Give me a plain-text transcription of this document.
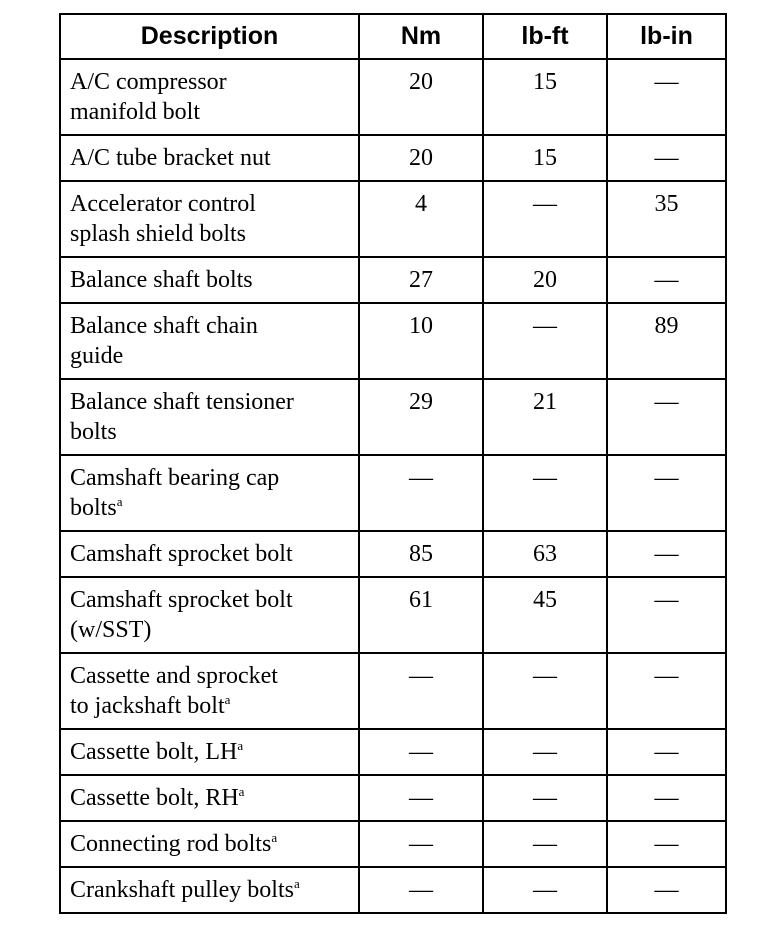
Description	Nm	lb-ft	lb-in

A/C compressor
manifold bolt	20	15	—
A/C tube bracket nut	20	15	—

Accelerator control
splash shield bolts	4	—	35
Balance shaft bolts	27	20	—

Balance shaft chain
guide	10	—	89

Balance shaft tensioner
bolts	29	21	—

Camshaft bearing cap
bolts$^a$	—	—	—
Camshaft sprocket bolt	85	63	—

Camshaft sprocket bolt
(w/SST)	61	45	—

Cassette and sprocket
to jackshaft bolt$^a$	—	—	—
Cassette bolt, $LH^a$	—	—	—
Cassette bolt, $RH^a$	—	—	—
Connecting rod bolts$^a$	—	—	—
Crankshaft pulley bolts$^a$	—	—	—
